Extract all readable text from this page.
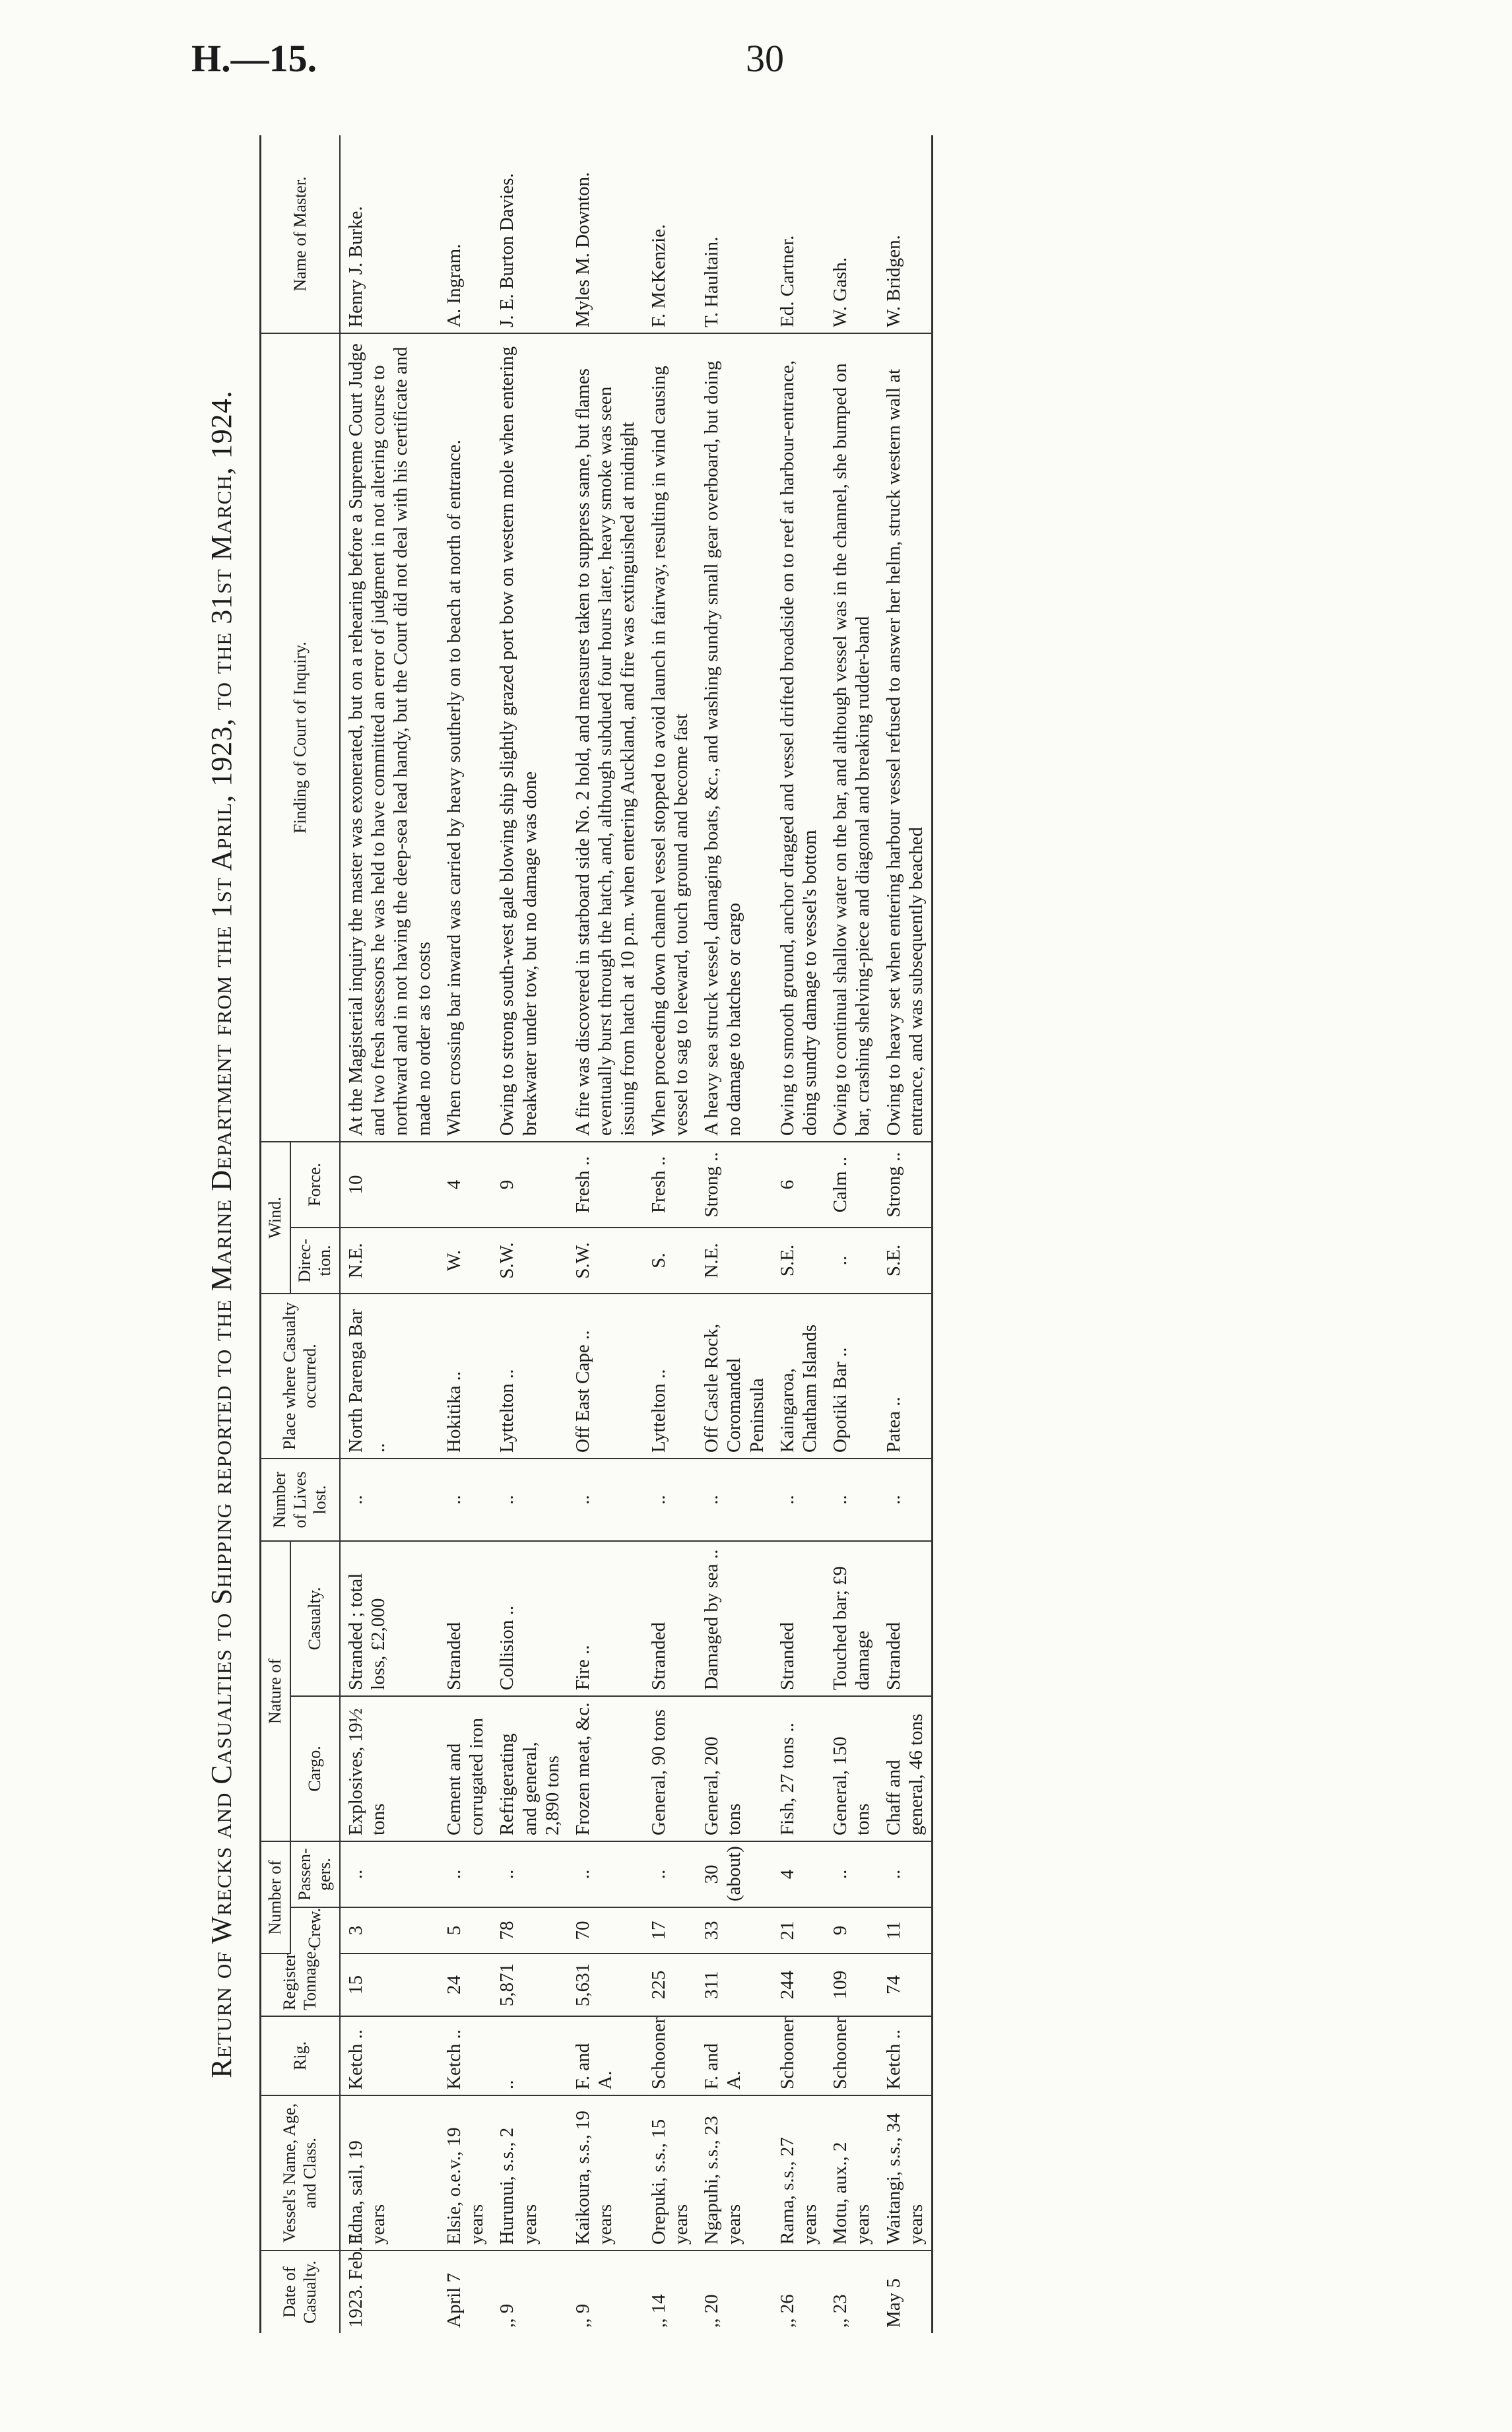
H.—15.	30
Return of Wrecks and Casualties to Shipping reported to the Marine Department from the 1st April, 1923, to the 31st March, 1924.
Date of Casualty.	Vessel's Name, Age, and Class.	Rig.	Register Tonnage.	Number of		Nature of		Number of Lives lost.	Place where Casualty occurred.	Wind.		Finding of Court of Inquiry.	Name of Master.
				Crew.	Passen-gers.	Cargo.	Casualty.			Direc-tion.	Force.		
1923. Feb. 1	Edna, sail, 19 years	Ketch ..	15	3	..	Explosives, 19½ tons	Stranded ; total loss, £2,000	..	North Parenga Bar ..	N.E.	10	At the Magisterial inquiry the master was exonerated, but on a rehearing before a Supreme Court Judge and two fresh assessors he was held to have committed an error of judgment in not altering course to northward and in not having the deep-sea lead handy, but the Court did not deal with his certificate and made no order as to costs	Henry J. Burke.
April 7	Elsie, o.e.v., 19 years	Ketch ..	24	5	..	Cement and corrugated iron	Stranded	..	Hokitika ..	W.	4	When crossing bar inward was carried by heavy southerly on to beach at north of entrance.	A. Ingram.
,, 9	Hurunui, s.s., 2 years	..	5,871	78	..	Refrigerating and general, 2,890 tons	Collision ..	..	Lyttelton ..	S.W.	9	Owing to strong south-west gale blowing ship slightly grazed port bow on western mole when entering breakwater under tow, but no damage was done	J. E. Burton Davies.
,, 9	Kaikoura, s.s., 19 years	F. and A.	5,631	70	..	Frozen meat, &c.	Fire ..	..	Off East Cape ..	S.W.	Fresh ..	A fire was discovered in starboard side No. 2 hold, and measures taken to suppress same, but flames eventually burst through the hatch, and, although subdued four hours later, heavy smoke was seen issuing from hatch at 10 p.m. when entering Auckland, and fire was extinguished at midnight	Myles M. Downton.
,, 14	Orepuki, s.s., 15 years	Schooner	225	17	..	General, 90 tons	Stranded	..	Lyttelton ..	S.	Fresh ..	When proceeding down channel vessel stopped to avoid launch in fairway, resulting in wind causing vessel to sag to leeward, touch ground and become fast	F. McKenzie.
,, 20	Ngapuhi, s.s., 23 years	F. and A.	311	33	30 (about)	General, 200 tons	Damaged by sea ..	..	Off Castle Rock, Coromandel Peninsula	N.E.	Strong ..	A heavy sea struck vessel, damaging boats, &c., and washing sundry small gear overboard, but doing no damage to hatches or cargo	T. Haultain.
,, 26	Rama, s.s., 27 years	Schooner	244	21	4	Fish, 27 tons ..	Stranded	..	Kaingaroa, Chatham Islands	S.E.	6	Owing to smooth ground, anchor dragged and vessel drifted broadside on to reef at harbour-entrance, doing sundry damage to vessel's bottom	Ed. Cartner.
,, 23	Motu, aux., 2 years	Schooner	109	9	..	General, 150 tons	Touched bar; £9 damage	..	Opotiki Bar ..	..	Calm ..	Owing to continual shallow water on the bar, and although vessel was in the channel, she bumped on bar, crashing shelving-piece and diagonal and breaking rudder-band	W. Gash.
May 5	Waitangi, s.s., 34 years	Ketch ..	74	11	..	Chaff and general, 46 tons	Stranded	..	Patea ..	S.E.	Strong ..	Owing to heavy set when entering harbour vessel refused to answer her helm, struck western wall at entrance, and was subsequently beached	W. Bridgen.
